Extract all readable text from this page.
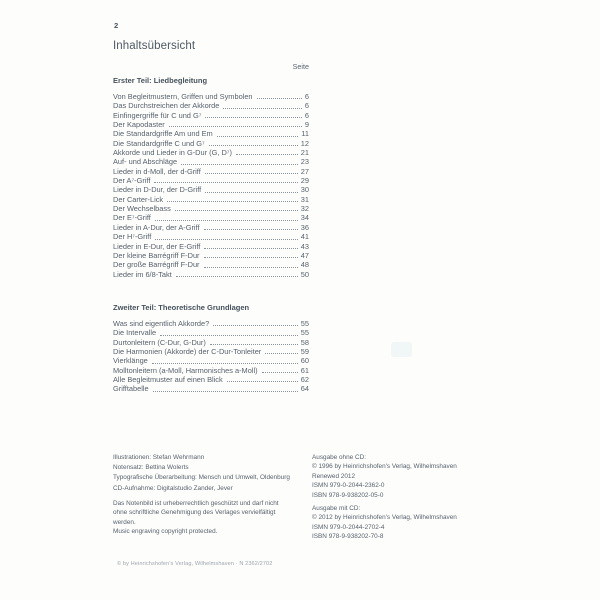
2
Inhaltsübersicht
Seite
Erster Teil: Liedbegleitung
Von Begleitmustern, Griffen und Symbolen	6
Das Durchstreichen der Akkorde	6
Einfingergriffe für C und G⁷	6
Der Kapodaster	9
Die Standardgriffe Am und Em	11
Die Standardgriffe C und G⁷	12
Akkorde und Lieder in G-Dur (G, D⁷)	21
Auf- und Abschläge	23
Lieder in d-Moll, der d-Griff	27
Der A⁷-Griff	29
Lieder in D-Dur, der D-Griff	30
Der Carter-Lick	31
Der Wechselbass	32
Der E⁷-Griff	34
Lieder in A-Dur, der A-Griff	36
Der H⁷-Griff	41
Lieder in E-Dur, der E-Griff	43
Der kleine Barrégriff F-Dur	47
Der große Barrégriff F-Dur	48
Lieder im 6/8-Takt	50
Zweiter Teil: Theoretische Grundlagen
Was sind eigentlich Akkorde?	55
Die Intervalle	55
Durtonleitern (C-Dur, G-Dur)	58
Die Harmonien (Akkorde) der C-Dur-Tonleiter	59
Vierklänge	60
Molltonleitern (a-Moll, Harmonisches a-Moll)	61
Alle Begleitmuster auf einen Blick	62
Grifftabelle	64
Illustrationen: Stefan Wehrmann
Notensatz: Bettina Wolerts
Typografische Überarbeitung: Mensch und Umwelt, Oldenburg
CD-Aufnahme: Digitalstudio Zander, Jever
Das Notenbild ist urheberrechtlich geschützt und darf nicht
ohne schriftliche Genehmigung des Verlages vervielfältigt
werden.
Music engraving copyright protected.
Ausgabe ohne CD:
© 1996 by Heinrichshofen's Verlag, Wilhelmshaven
Renewed 2012
ISMN 979-0-2044-2362-0
ISBN 978-9-938202-05-0
Ausgabe mit CD:
© 2012 by Heinrichshofen's Verlag, Wilhelmshaven
ISMN 979-0-2044-2702-4
ISBN 978-9-938202-70-8
© by Heinrichshofen's Verlag, Wilhelmshaven · N 2362/2702
